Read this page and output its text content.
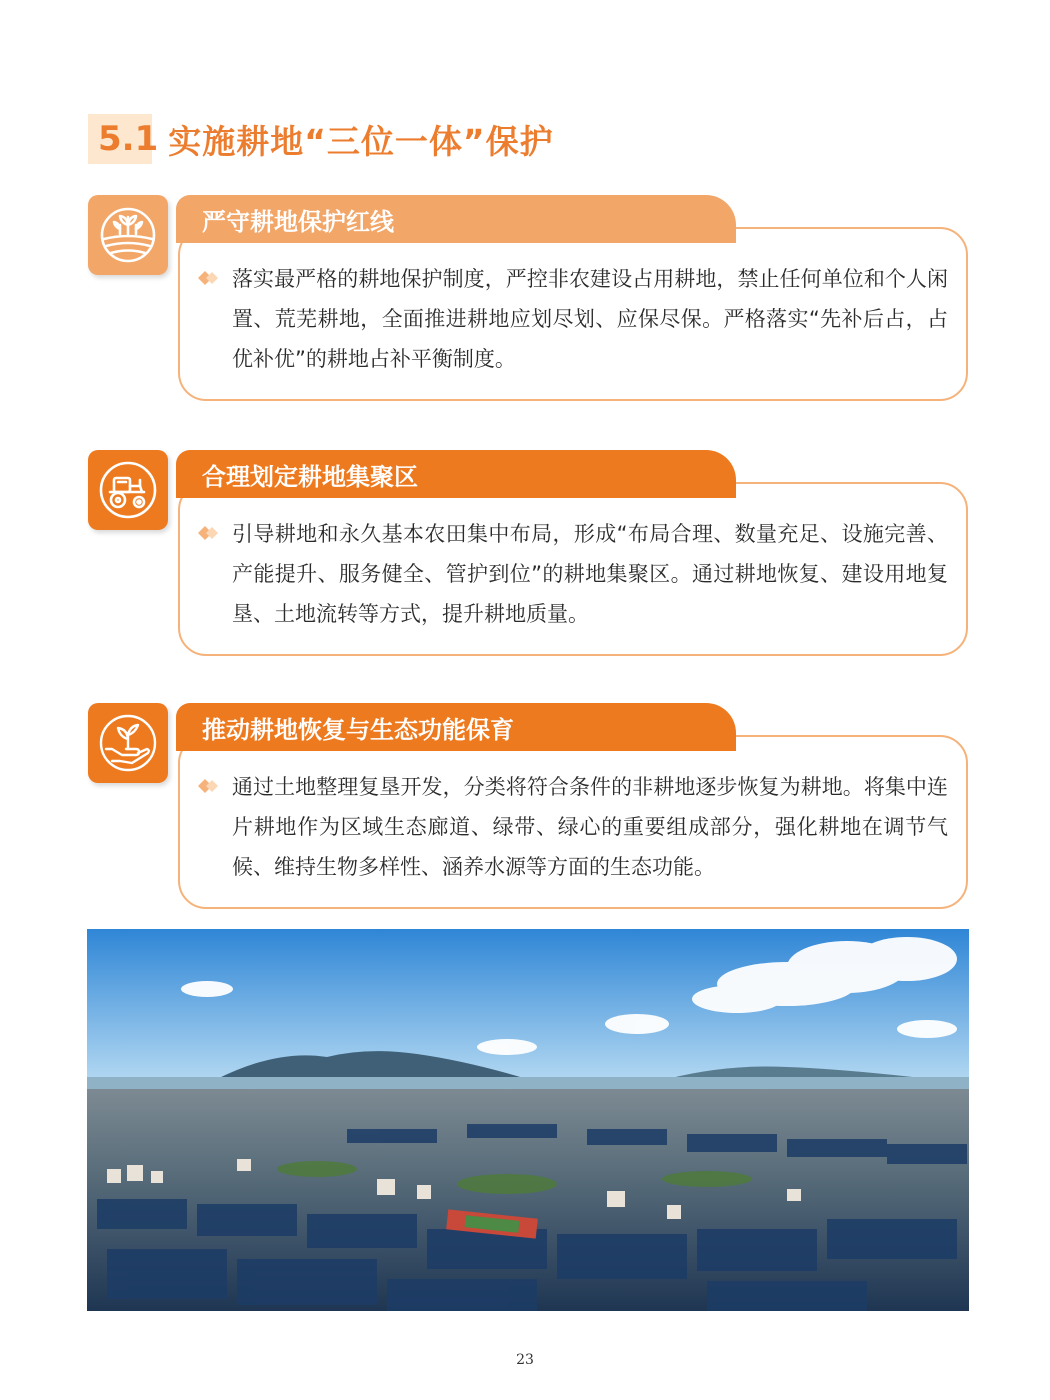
5.1 实施耕地“三位一体”保护
严守耕地保护红线

落实最严格的耕地保护制度，严控非农建设占用耕地，禁止任何单位和个人闲置、荒芜耕地，全面推进耕地应划尽划、应保尽保。严格落实“先补后占，占优补优”的耕地占补平衡制度。

合理划定耕地集聚区

引导耕地和永久基本农田集中布局，形成“布局合理、数量充足、设施完善、产能提升、服务健全、管护到位”的耕地集聚区。通过耕地恢复、建设用地复垦、土地流转等方式，提升耕地质量。

推动耕地恢复与生态功能保育

通过土地整理复垦开发，分类将符合条件的非耕地逐步恢复为耕地。将集中连片耕地作为区域生态廊道、绿带、绿心的重要组成部分，强化耕地在调节气候、维持生物多样性、涵养水源等方面的生态功能。

23
